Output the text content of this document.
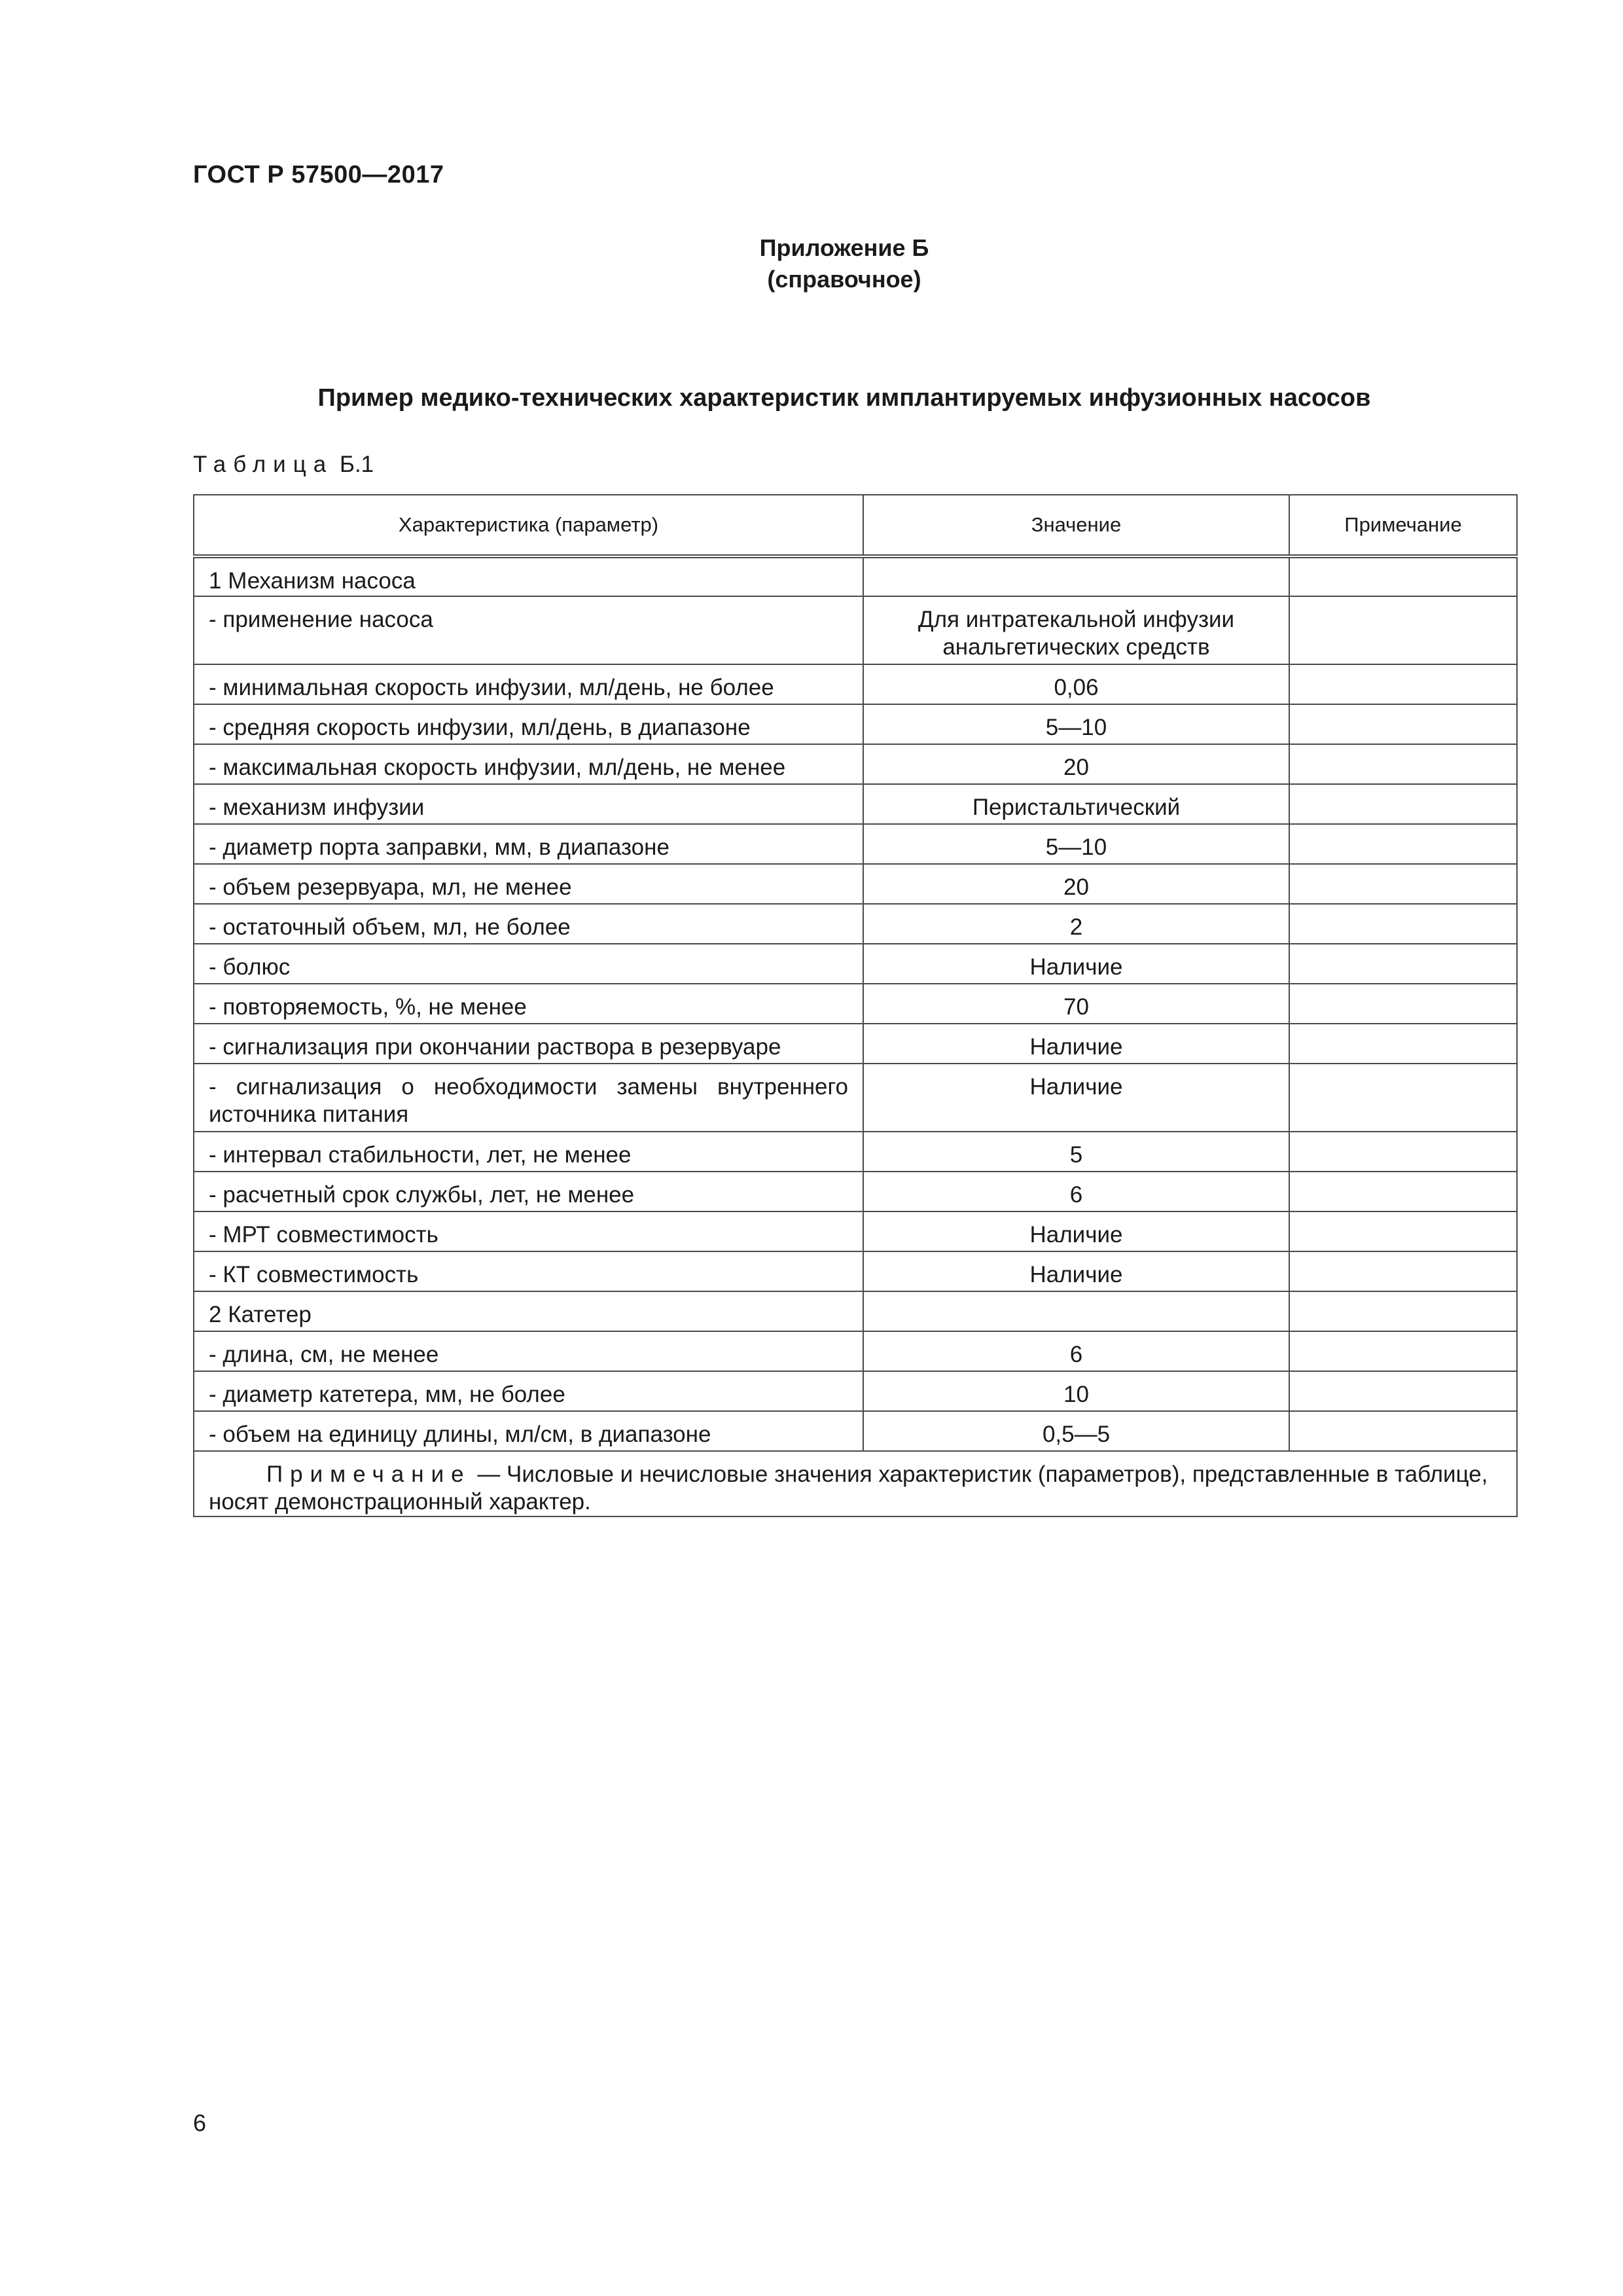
ГОСТ Р 57500—2017
Приложение Б
(справочное)
Пример медико-технических характеристик имплантируемых инфузионных насосов
Таблица Б.1
Характеристика (параметр)	Значение	Примечание
1 Механизм насоса		
- применение насоса	Для интратекальной инфузии анальгетических средств	
- минимальная скорость инфузии, мл/день, не более	0,06	
- средняя скорость инфузии, мл/день, в диапазоне	5—10	
- максимальная скорость инфузии, мл/день, не менее	20	
- механизм инфузии	Перистальтический	
- диаметр порта заправки, мм, в диапазоне	5—10	
- объем резервуара, мл, не менее	20	
- остаточный объем, мл, не более	2	
- болюс	Наличие	
- повторяемость, %, не менее	70	
- сигнализация при окончании раствора в резервуаре	Наличие	
- сигнализация о необходимости замены внутреннего источника питания	Наличие	
- интервал стабильности, лет, не менее	5	
- расчетный срок службы, лет, не менее	6	
- МРТ совместимость	Наличие	
- КТ совместимость	Наличие	
2 Катетер		
- длина, см, не менее	6	
- диаметр катетера, мм, не более	10	
- объем на единицу длины, мл/см, в диапазоне	0,5—5	
Примечание — Числовые и нечисловые значения характеристик (параметров), представленные в таблице, носят демонстрационный характер.		
6
